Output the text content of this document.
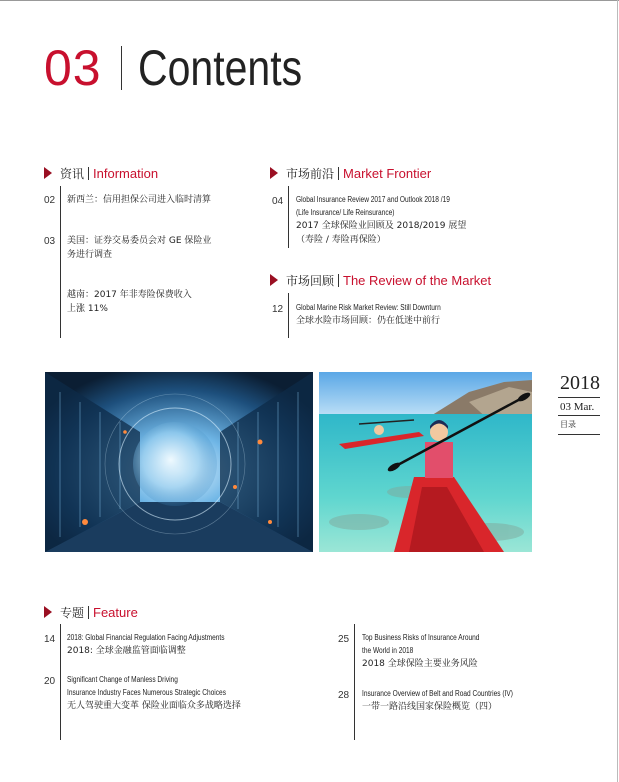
03 Contents
资讯 Information
02 新西兰：信用担保公司进入临时清算
03 美国：证券交易委员会对 GE 保险业
务进行调查
越南：2017 年非寿险保费收入
上涨 11%
市场前沿 Market Frontier
04 Global Insurance Review 2017 and Outlook 2018 /19
(Life Insurance/ Life Reinsurance)
2017 全球保险业回顾及 2018/2019 展望
（寿险 / 寿险再保险）
市场回顾 The Review of the Market
12 Global Marine Risk Market Review: Still Downturn
全球水险市场回顾：仍在低迷中前行
2018
03 Mar.
目录
专题 Feature
14 2018: Global Financial Regulation Facing Adjustments
2018: 全球金融监管面临调整
20 Significant Change of Manless Driving
Insurance Industry Faces Numerous Strategic Choices
无人驾驶重大变革 保险业面临众多战略选择
25 Top Business Risks of Insurance Around
the World in 2018
2018 全球保险主要业务风险
28 Insurance Overview of Belt and Road Countries (IV)
一带一路沿线国家保险概览（四）
